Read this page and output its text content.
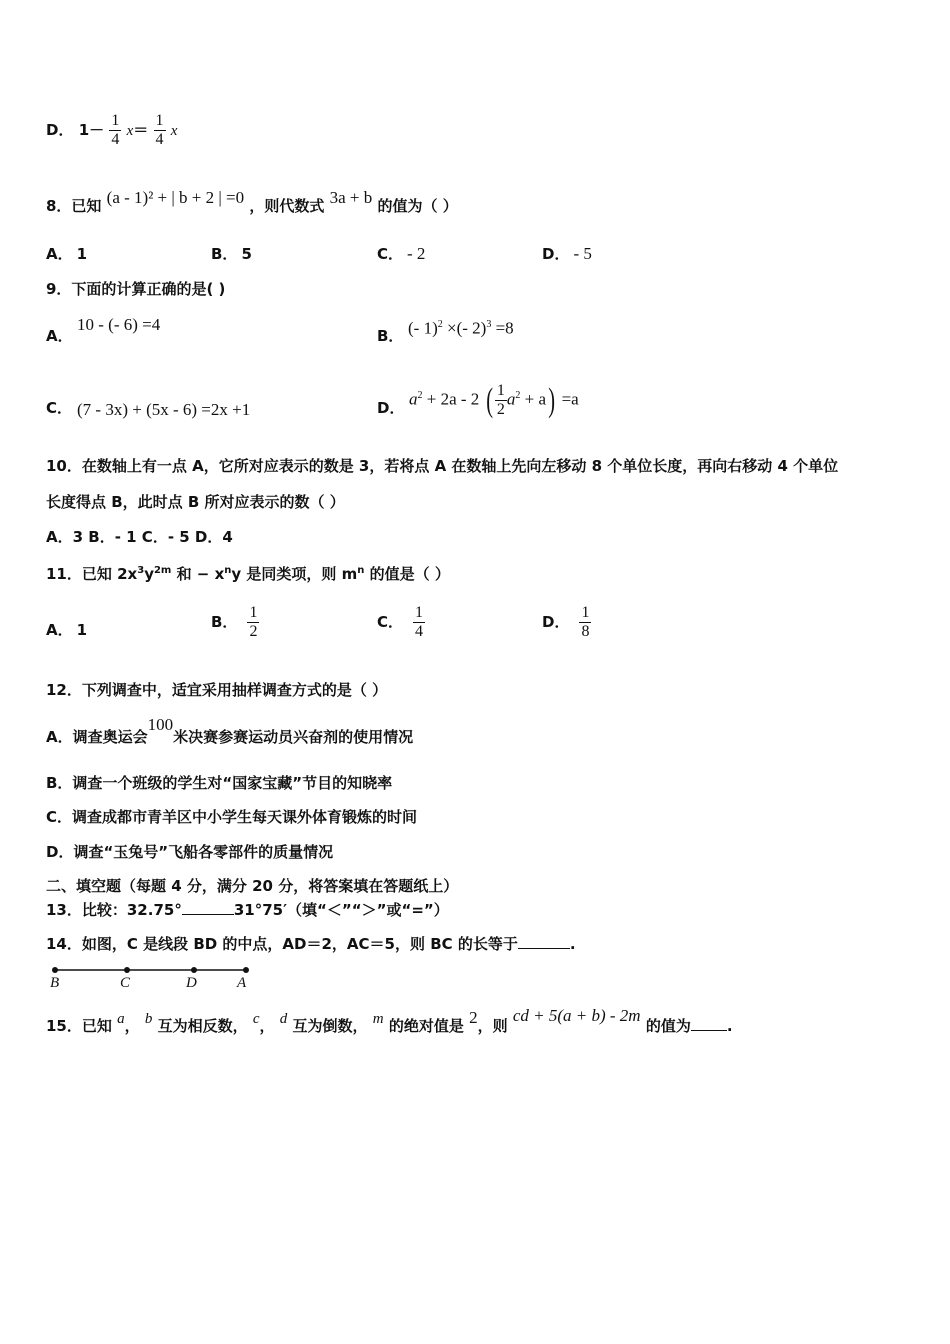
D． $1- \frac{1}{4} x= \frac{1}{4}$ x
8．已知 (a - 1)² + | b + 2 | =0 ，则代数式 3a + b 的值为（ ）
A． 1	B． 5	C． - 2	D． - 5
9．下面的计算正确的是( )
A．
10 - (- 6) =4
B． (- 1)$^2$ ×(- 2)$^3$ =8
C． (7 - 3x) + (5x - 6) =2x +1	D． $a^2 + 2a - 2$ ( $\frac{1}{2} a^2 + a) =a$
10．在数轴上有一点 A，它所对应表示的数是 3，若将点 A 在数轴上先向左移动 8 个单位长度，再向右移动 4 个单位
长度得点 B，此时点 B 所对应表示的数（ ）
A．3 B．- 1 C．- 5 D．4
11．已知 $2x^3y^{2m}$ 和 − $x^ny$ 是同类项，则 $m^n$ 的值是（ ）
A． 1	B． $\frac{1}{2}$	C． $\frac{1}{4}$	D． $\frac{1}{8}$
12．下列调查中，适宜采用抽样调查方式的是（ ）
A．调查奥运会100米决赛参赛运动员兴奋剂的使用情况
B．调查一个班级的学生对“国家宝藏”节目的知晓率
C．调查成都市青羊区中小学生每天课外体育锻炼的时间
D．调查“玉兔号”飞船各零部件的质量情况
二、填空题（每题 4 分，满分 20 分，将答案填在答题纸上）
13．比较：32.75°	31°75′（填“＜”“＞”或“=”）
14．如图，C 是线段 BD 的中点，AD＝2，AC＝5，则 BC 的长等于	.
B	C	D	A
15．已知 a， b 互为相反数， c， d 互为倒数， m 的绝对值是 2，则 cd + 5(a + b) - 2m 的值为 .
